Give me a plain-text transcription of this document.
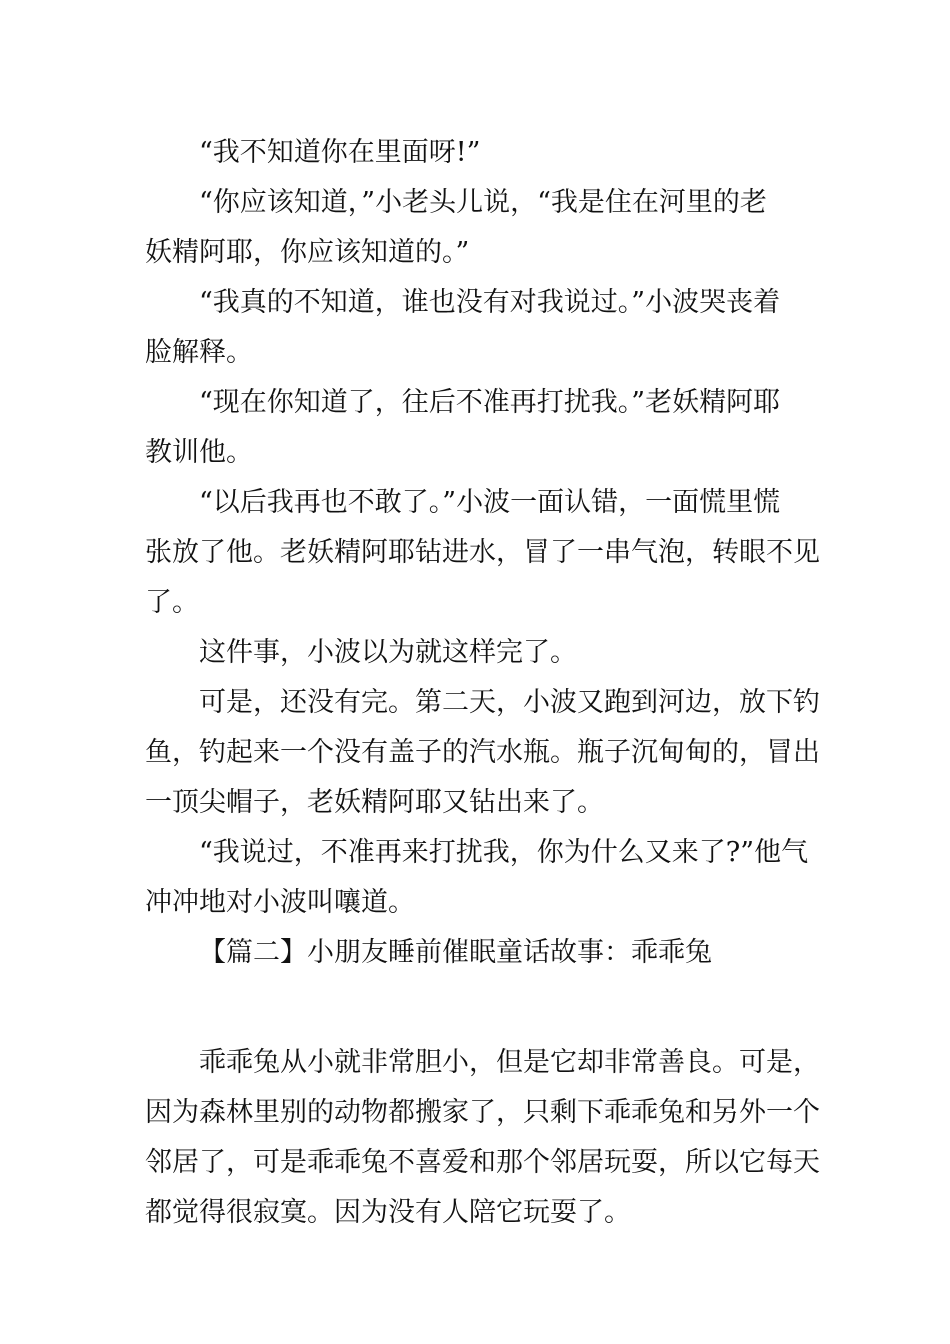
“我不知道你在里面呀!”
“你应该知道，”小老头儿说，“我是住在河里的老
妖精阿耶，你应该知道的。”
“我真的不知道，谁也没有对我说过。”小波哭丧着
脸解释。
“现在你知道了，往后不准再打扰我。”老妖精阿耶
教训他。
“以后我再也不敢了。”小波一面认错，一面慌里慌
张放了他。老妖精阿耶钻进水，冒了一串气泡，转眼不见
了。
这件事，小波以为就这样完了。
可是，还没有完。第二天，小波又跑到河边，放下钓
鱼，钓起来一个没有盖子的汽水瓶。瓶子沉甸甸的，冒出
一顶尖帽子，老妖精阿耶又钻出来了。
“我说过，不准再来打扰我，你为什么又来了?”他气
冲冲地对小波叫嚷道。
【篇二】小朋友睡前催眠童话故事：乖乖兔
乖乖兔从小就非常胆小，但是它却非常善良。可是，
因为森林里别的动物都搬家了，只剩下乖乖兔和另外一个
邻居了，可是乖乖兔不喜爱和那个邻居玩耍，所以它每天
都觉得很寂寞。因为没有人陪它玩耍了。
